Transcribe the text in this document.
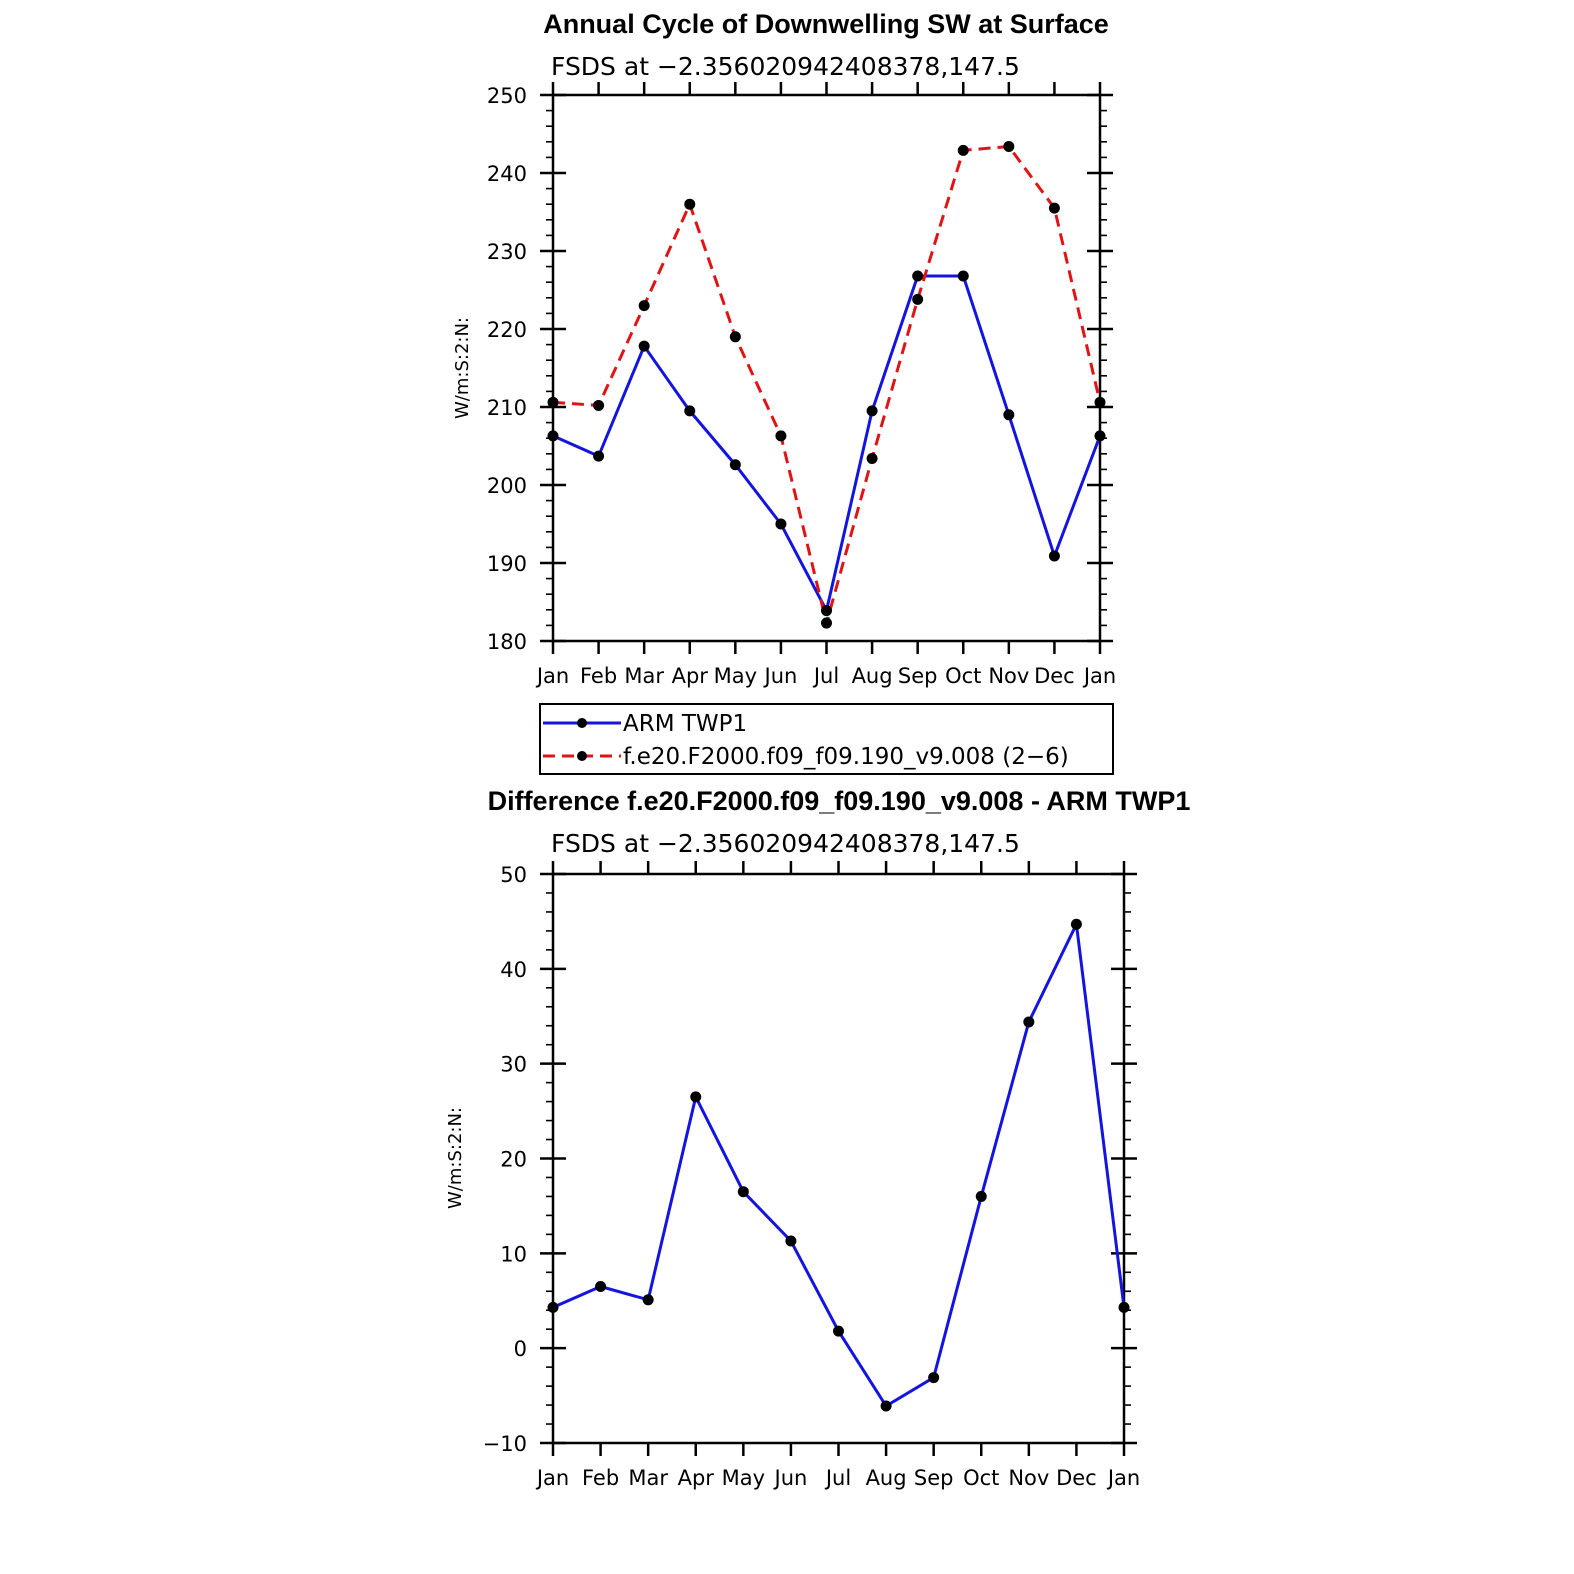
Annual Cycle of Downwelling SW at Surface
FSDS at −2.356020942408378,147.5
W/m:S:2:N:
250
240
230
220
210
200
190
180
Jan Feb Mar Apr May Jun Jul Aug Sep Oct Nov Dec Jan
ARM TWP1
f.e20.F2000.f09_f09.190_v9.008 (2−6)
Difference f.e20.F2000.f09_f09.190_v9.008 - ARM TWP1
FSDS at −2.356020942408378,147.5
W/m:S:2:N:
50
40
30
20
10
0
−10
Jan Feb Mar Apr May Jun Jul Aug Sep Oct Nov Dec Jan
